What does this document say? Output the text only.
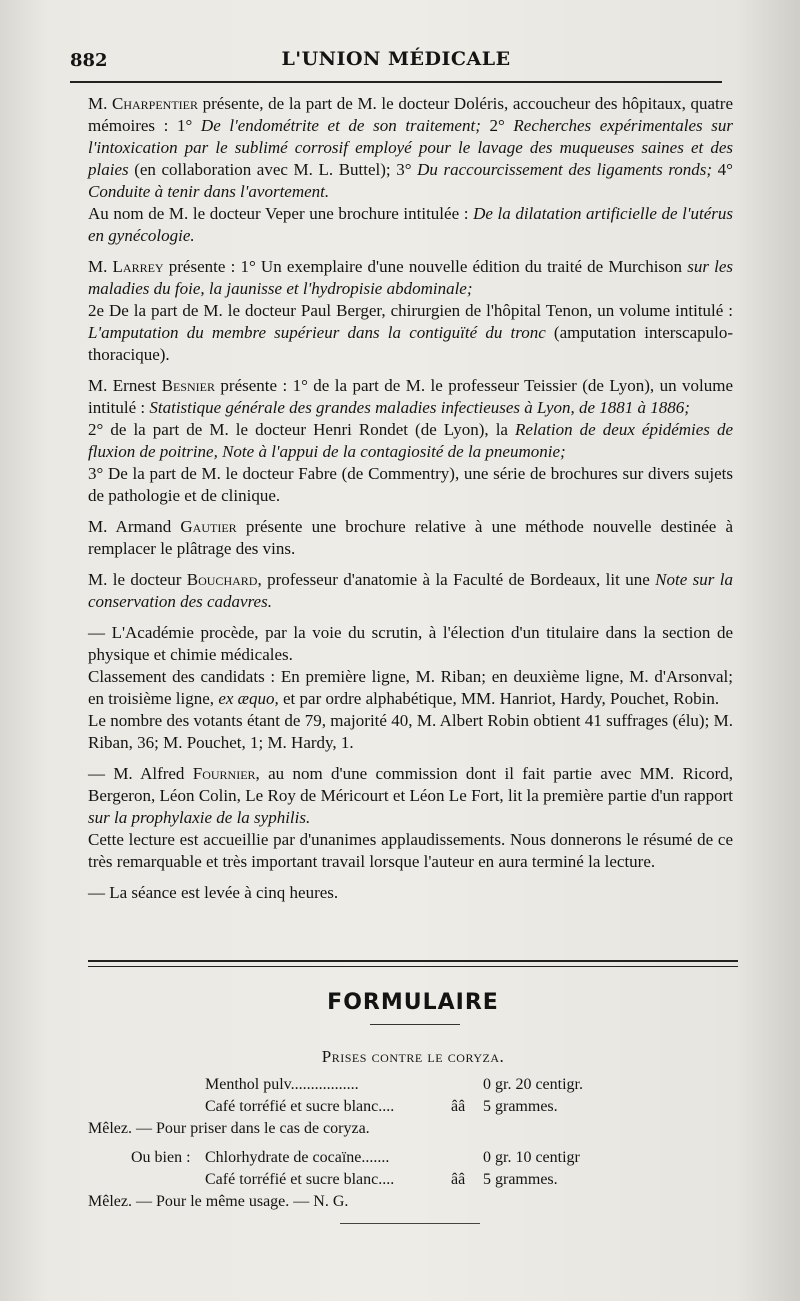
882	L'UNION MÉDICALE

M. Charpentier présente, de la part de M. le docteur Doléris, accoucheur des hôpitaux, quatre mémoires : 1° De l'endométrite et de son traitement; 2° Recherches expérimentales sur l'intoxication par le sublimé corrosif employé pour le lavage des muqueuses saines et des plaies (en collaboration avec M. L. Buttel); 3° Du raccourcissement des ligaments ronds; 4° Conduite à tenir dans l'avortement.

Au nom de M. le docteur Veper une brochure intitulée : De la dilatation artificielle de l'utérus en gynécologie.

M. Larrey présente : 1° Un exemplaire d'une nouvelle édition du traité de Murchison sur les maladies du foie, la jaunisse et l'hydropisie abdominale;

2e De la part de M. le docteur Paul Berger, chirurgien de l'hôpital Tenon, un volume intitulé : L'amputation du membre supérieur dans la contiguïté du tronc (amputation interscapulo-thoracique).

M. Ernest Besnier présente : 1° de la part de M. le professeur Teissier (de Lyon), un volume intitulé : Statistique générale des grandes maladies infectieuses à Lyon, de 1881 à 1886;

2° de la part de M. le docteur Henri Rondet (de Lyon), la Relation de deux épidémies de fluxion de poitrine, Note à l'appui de la contagiosité de la pneumonie;

3° De la part de M. le docteur Fabre (de Commentry), une série de brochures sur divers sujets de pathologie et de clinique.

M. Armand Gautier présente une brochure relative à une méthode nouvelle destinée à remplacer le plâtrage des vins.

M. le docteur Bouchard, professeur d'anatomie à la Faculté de Bordeaux, lit une Note sur la conservation des cadavres.

— L'Académie procède, par la voie du scrutin, à l'élection d'un titulaire dans la section de physique et chimie médicales.

Classement des candidats : En première ligne, M. Riban; en deuxième ligne, M. d'Arsonval; en troisième ligne, ex æquo, et par ordre alphabétique, MM. Hanriot, Hardy, Pouchet, Robin.

Le nombre des votants étant de 79, majorité 40, M. Albert Robin obtient 41 suffrages (élu); M. Riban, 36; M. Pouchet, 1; M. Hardy, 1.

— M. Alfred Fournier, au nom d'une commission dont il fait partie avec MM. Ricord, Bergeron, Léon Colin, Le Roy de Méricourt et Léon Le Fort, lit la première partie d'un rapport sur la prophylaxie de la syphilis.

Cette lecture est accueillie par d'unanimes applaudissements. Nous donnerons le résumé de ce très remarquable et très important travail lorsque l'auteur en aura terminé la lecture.

— La séance est levée à cinq heures.

FORMULAIRE
Prises contre le coryza.
Menthol pulv.................	0 gr. 20 centigr.
Café torréfié et sucre blanc....	ââ 5 grammes.
Mêlez. — Pour priser dans le cas de coryza.
Ou bien : Chlorhydrate de cocaïne.......	0 gr. 10 centigr
Café torréfié et sucre blanc....	ââ 5 grammes.
Mêlez. — Pour le même usage. — N. G.
